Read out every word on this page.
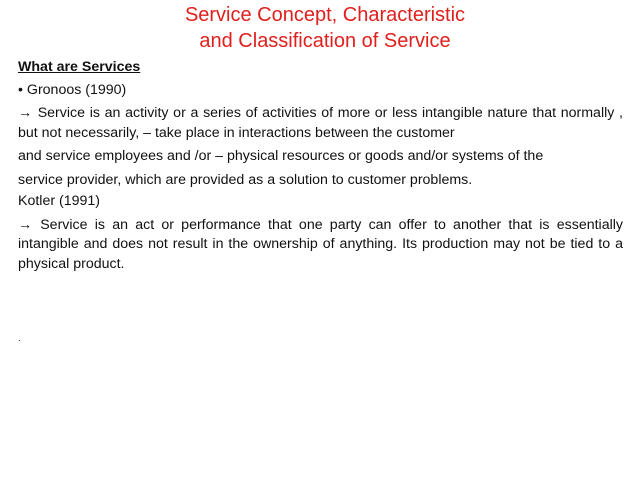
Service Concept, Characteristic
and Classification of Service
What are Services
• Gronoos (1990)
→ Service is an activity or a series of activities of more or less intangible nature that normally , but not necessarily, – take place in interactions between the customer
and service employees and /or – physical resources or goods and/or systems of the
service provider, which are provided as a solution to customer problems.
Kotler (1991)
→ Service is an act or performance that one party can offer to another that is essentially intangible and does not result in the ownership of anything. Its production may not be tied to a physical product.
.
